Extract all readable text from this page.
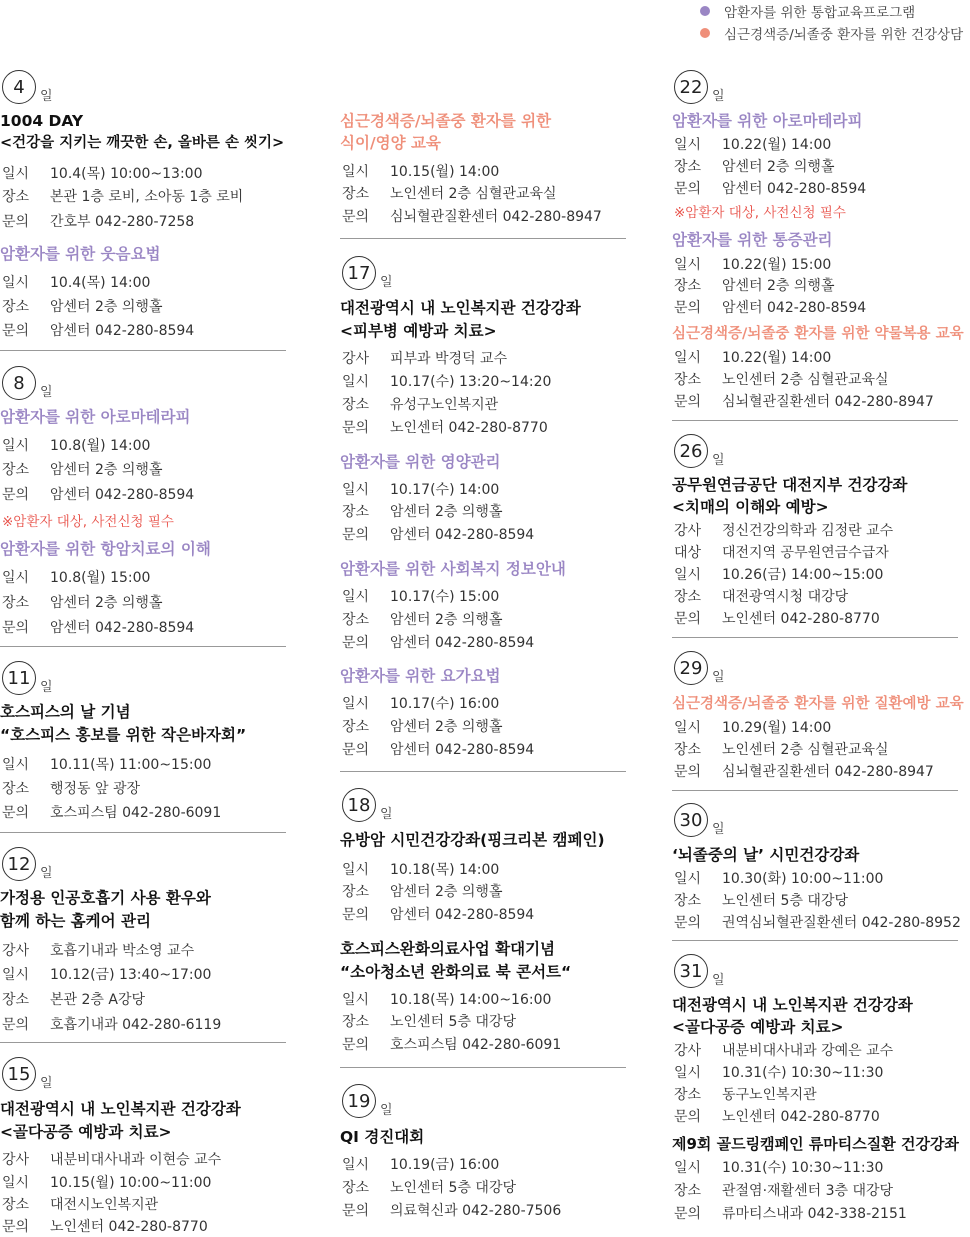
암환자를 위한 통합교육프로그램
심근경색증/뇌졸중 환자를 위한 건강상담
4	일
1004 DAY
<건강을 지키는 깨끗한 손, 올바른 손 씻기>
일시 10.4(목) 10:00~13:00
장소 본관 1층 로비, 소아동 1층 로비
문의 간호부 042-280-7258
암환자를 위한 웃음요법
일시 10.4(목) 14:00
장소 암센터 2층 의행홀
문의 암센터 042-280-8594
8	일
암환자를 위한 아로마테라피
일시 10.8(월) 14:00
장소 암센터 2층 의행홀
문의 암센터 042-280-8594
※암환자 대상, 사전신청 필수
암환자를 위한 항암치료의 이해
일시 10.8(월) 15:00
장소 암센터 2층 의행홀
문의 암센터 042-280-8594
11 일
호스피스의 날 기념
“호스피스 홍보를 위한 작은바자회”
일시 10.11(목) 11:00~15:00
장소 행정동 앞 광장
문의 호스피스팀 042-280-6091
12 일
가정용 인공호흡기 사용 환우와
함께 하는 홈케어 관리
강사 호흡기내과 박소영 교수
일시 10.12(금) 13:40~17:00
장소 본관 2층 A강당
문의 호흡기내과 042-280-6119
15 일
대전광역시 내 노인복지관 건강강좌
<골다공증 예방과 치료>
강사 내분비대사내과 이현승 교수
일시 10.15(월) 10:00~11:00
장소 대전시노인복지관
문의 노인센터 042-280-8770
심근경색증/뇌졸중 환자를 위한
식이/영양 교육
일시 10.15(월) 14:00
장소 노인센터 2층 심혈관교육실
문의 심뇌혈관질환센터 042-280-8947
17 일
대전광역시 내 노인복지관 건강강좌
<피부병 예방과 치료>
강사 피부과 박경덕 교수
일시 10.17(수) 13:20~14:20
장소 유성구노인복지관
문의 노인센터 042-280-8770
암환자를 위한 영양관리
일시 10.17(수) 14:00
장소 암센터 2층 의행홀
문의 암센터 042-280-8594
암환자를 위한 사회복지 정보안내
일시 10.17(수) 15:00
장소 암센터 2층 의행홀
문의 암센터 042-280-8594
암환자를 위한 요가요법
일시 10.17(수) 16:00
장소 암센터 2층 의행홀
문의 암센터 042-280-8594
18 일
유방암 시민건강강좌(핑크리본 캠페인)
일시 10.18(목) 14:00
장소 암센터 2층 의행홀
문의 암센터 042-280-8594
호스피스완화의료사업 확대기념
“소아청소년 완화의료 북 콘서트“
일시 10.18(목) 14:00~16:00
장소 노인센터 5층 대강당
문의 호스피스팀 042-280-6091
19 일
QI 경진대회
일시 10.19(금) 16:00
장소 노인센터 5층 대강당
문의 의료혁신과 042-280-7506
22 일
암환자를 위한 아로마테라피
일시 10.22(월) 14:00
장소 암센터 2층 의행홀
문의 암센터 042-280-8594
※암환자 대상, 사전신청 필수
암환자를 위한 통증관리
일시 10.22(월) 15:00
장소 암센터 2층 의행홀
문의 암센터 042-280-8594
심근경색증/뇌졸중 환자를 위한 약물복용 교육
일시 10.22(월) 14:00
장소 노인센터 2층 심혈관교육실
문의 심뇌혈관질환센터 042-280-8947
26 일
공무원연금공단 대전지부 건강강좌
<치매의 이해와 예방>
강사 정신건강의학과 김정란 교수
대상 대전지역 공무원연금수급자
일시 10.26(금) 14:00~15:00
장소 대전광역시청 대강당
문의 노인센터 042-280-8770
29 일
심근경색증/뇌졸중 환자를 위한 질환예방 교육
일시 10.29(월) 14:00
장소 노인센터 2층 심혈관교육실
문의 심뇌혈관질환센터 042-280-8947
30 일
‘뇌졸중의 날’ 시민건강강좌
일시 10.30(화) 10:00~11:00
장소 노인센터 5층 대강당
문의 권역심뇌혈관질환센터 042-280-8952
31 일
대전광역시 내 노인복지관 건강강좌
<골다공증 예방과 치료>
강사 내분비대사내과 강예은 교수
일시 10.31(수) 10:30~11:30
장소 동구노인복지관
문의 노인센터 042-280-8770
제9회 골드링캠페인 류마티스질환 건강강좌
일시 10.31(수) 10:30~11:30
장소 관절염·재활센터 3층 대강당
문의 류마티스내과 042-338-2151
